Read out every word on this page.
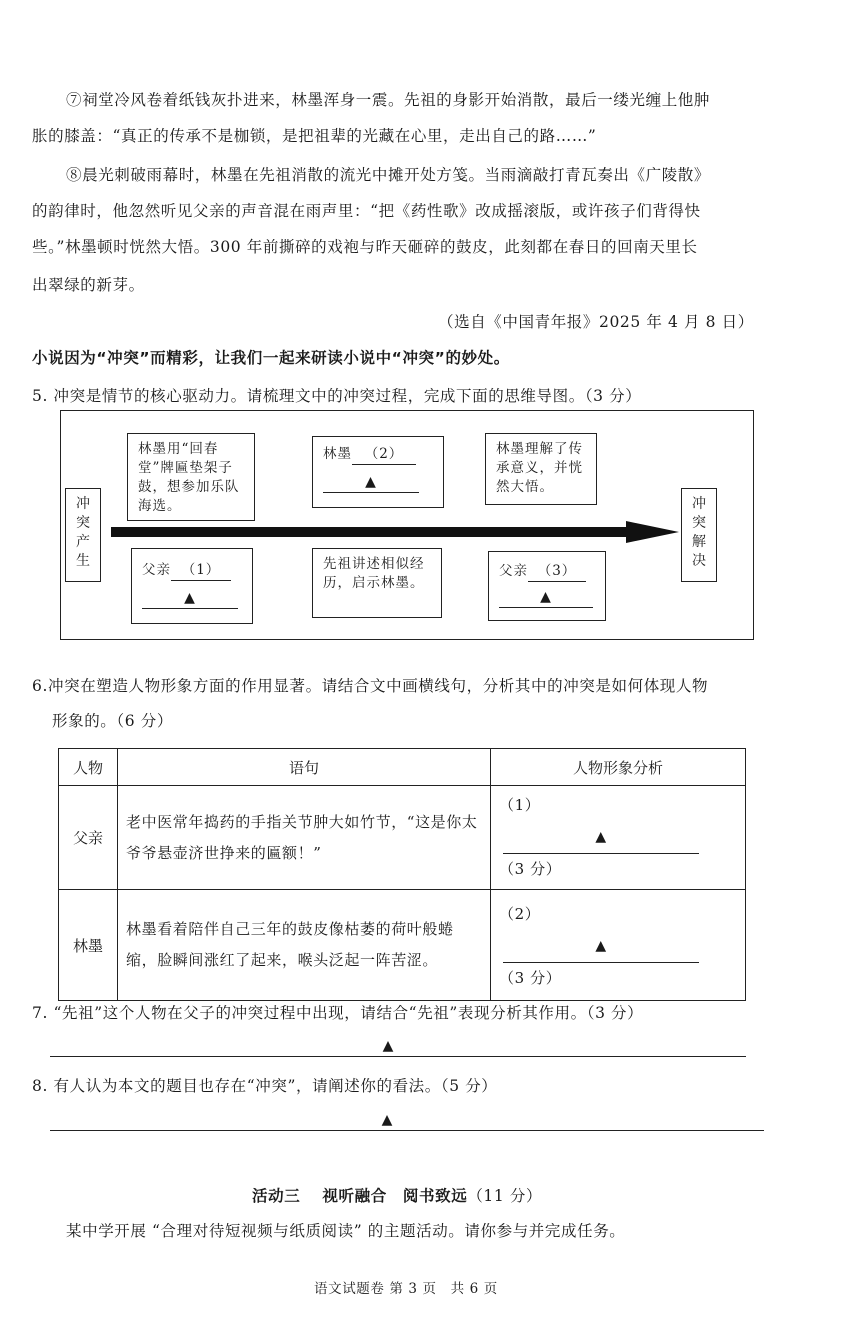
⑦祠堂冷风卷着纸钱灰扑进来，林墨浑身一震。先祖的身影开始消散，最后一缕光缠上他肿
胀的膝盖：“真正的传承不是枷锁，是把祖辈的光藏在心里，走出自己的路……”
⑧晨光刺破雨幕时，林墨在先祖消散的流光中摊开处方笺。当雨滴敲打青瓦奏出《广陵散》
的韵律时，他忽然听见父亲的声音混在雨声里：“把《药性歌》改成摇滚版，或许孩子们背得快
些。”林墨顿时恍然大悟。300 年前撕碎的戏袍与昨天砸碎的鼓皮，此刻都在春日的回南天里长
出翠绿的新芽。
（选自《中国青年报》2025 年 4 月 8 日）
小说因为“冲突”而精彩，让我们一起来研读小说中“冲突”的妙处。
5. 冲突是情节的核心驱动力。请梳理文中的冲突过程，完成下面的思维导图。（3 分）
冲突产生
冲突解决
林墨用“回春堂”牌匾垫架子鼓，想参加乐队海选。
林墨 （2）
▲
林墨理解了传承意义，并恍然大悟。
父亲 （1）
▲
先祖讲述相似经历，启示林墨。
父亲 （3）
▲
6.冲突在塑造人物形象方面的作用显著。请结合文中画横线句，分析其中的冲突是如何体现人物
形象的。（6 分）
人物	语句	人物形象分析
父亲	老中医常年捣药的手指关节肿大如竹节，“这是你太爷爷悬壶济世挣来的匾额！”	（1）▲
（3 分）

林墨	林墨看着陪伴自己三年的鼓皮像枯萎的荷叶般蜷缩，脸瞬间涨红了起来，喉头泛起一阵苦涩。	（2）▲
（3 分）
7. “先祖”这个人物在父子的冲突过程中出现，请结合“先祖”表现分析其作用。（3 分）
▲
8. 有人认为本文的题目也存在“冲突”，请阐述你的看法。（5 分）
▲
活动三　 视听融合　阅书致远（11 分）
某中学开展 “合理对待短视频与纸质阅读” 的主题活动。请你参与并完成任务。
语文试题卷 第 3 页　共 6 页
